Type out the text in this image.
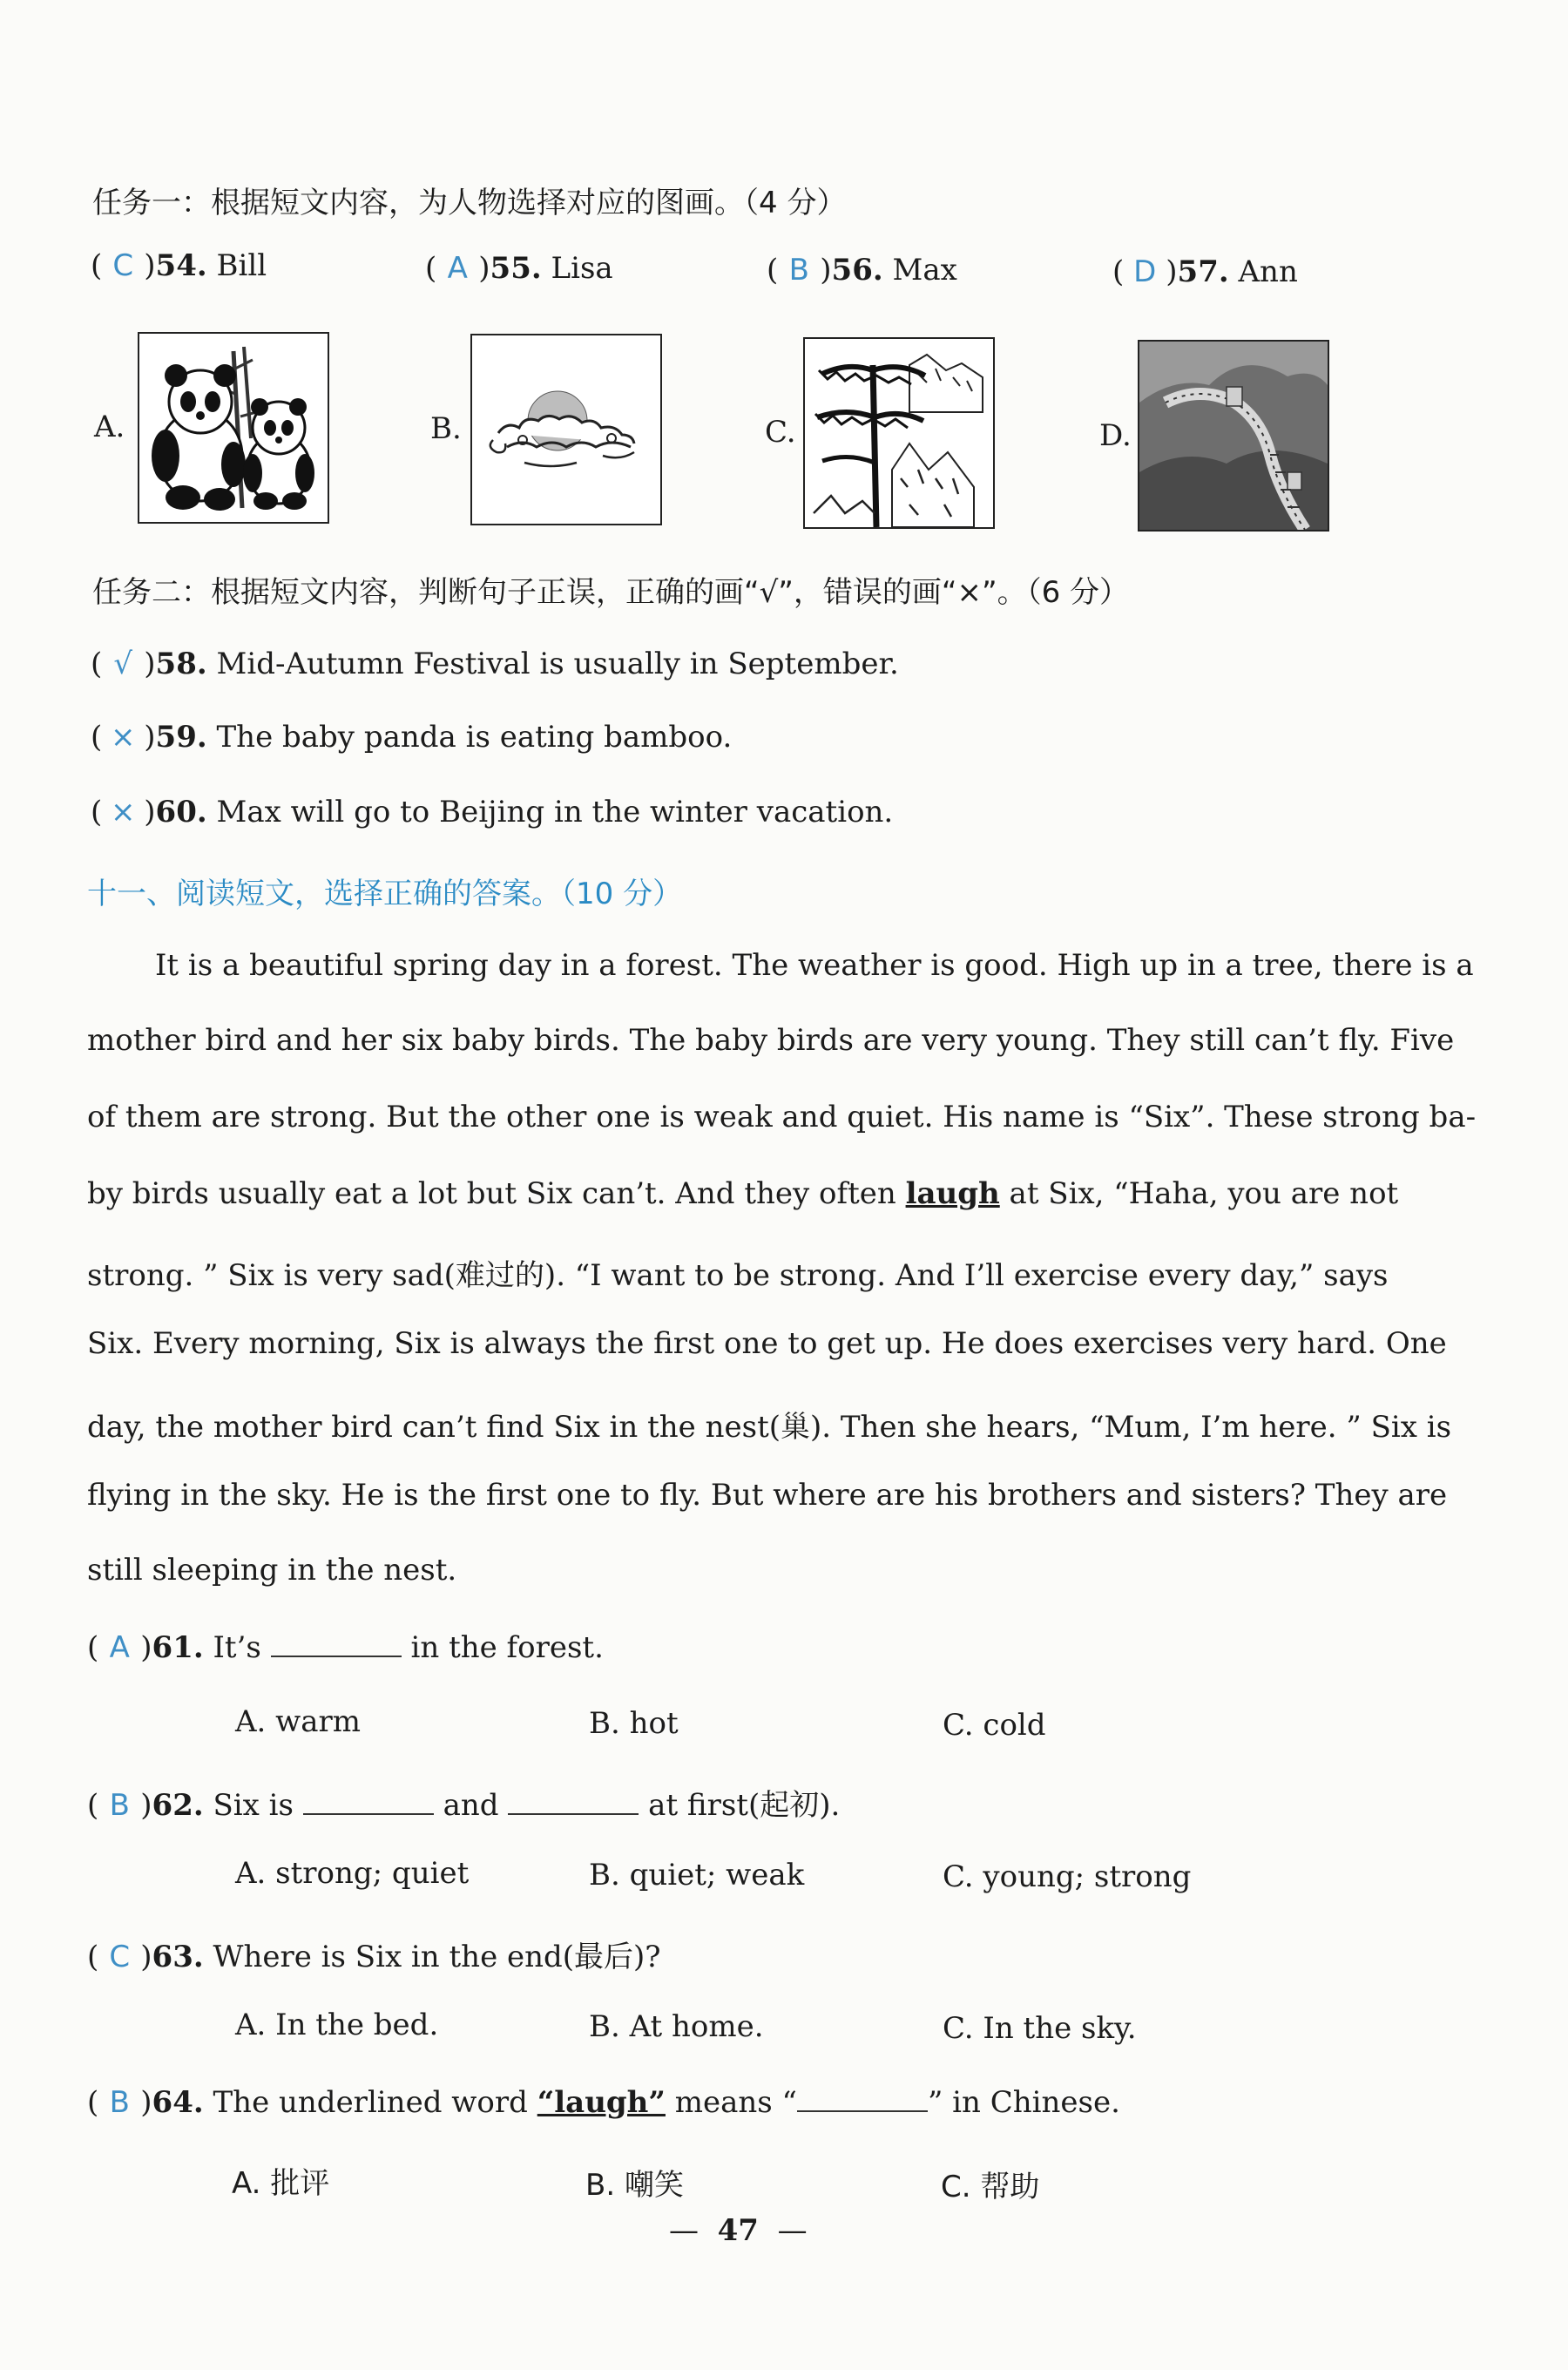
任务一：根据短文内容，为人物选择对应的图画。（4 分）
( C )54. Bill	( A )55. Lisa	( B )56. Max	( D )57. Ann
A.	B.	C.	D.
任务二：根据短文内容，判断句子正误，正确的画“√”，错误的画“×”。（6 分）
( √ )58. Mid-Autumn Festival is usually in September.
( × )59. The baby panda is eating bamboo.
( × )60. Max will go to Beijing in the winter vacation.
十一、阅读短文，选择正确的答案。（10 分）
It is a beautiful spring day in a forest. The weather is good. High up in a tree, there is a
mother bird and her six baby birds. The baby birds are very young. They still can’t fly. Five
of them are strong. But the other one is weak and quiet. His name is “Six”. These strong ba-
by birds usually eat a lot but Six can’t. And they often laugh at Six, “Haha, you are not
strong. ” Six is very sad(难过的). “I want to be strong. And I’ll exercise every day,” says
Six. Every morning, Six is always the first one to get up. He does exercises very hard. One
day, the mother bird can’t find Six in the nest(巢). Then she hears, “Mum, I’m here. ” Six is
flying in the sky. He is the first one to fly. But where are his brothers and sisters? They are
still sleeping in the nest.
( A )61. It’s	in the forest.
A. warm	B. hot	C. cold
( B )62. Six is	and	at first(起初).
A. strong; quiet	B. quiet; weak	C. young; strong
( C )63. Where is Six in the end(最后)?
A. In the bed.	B. At home.	C. In the sky.
( B )64. The underlined word “laugh” means “	” in Chinese.
A. 批评	B. 嘲笑	C. 帮助
— 47 —
